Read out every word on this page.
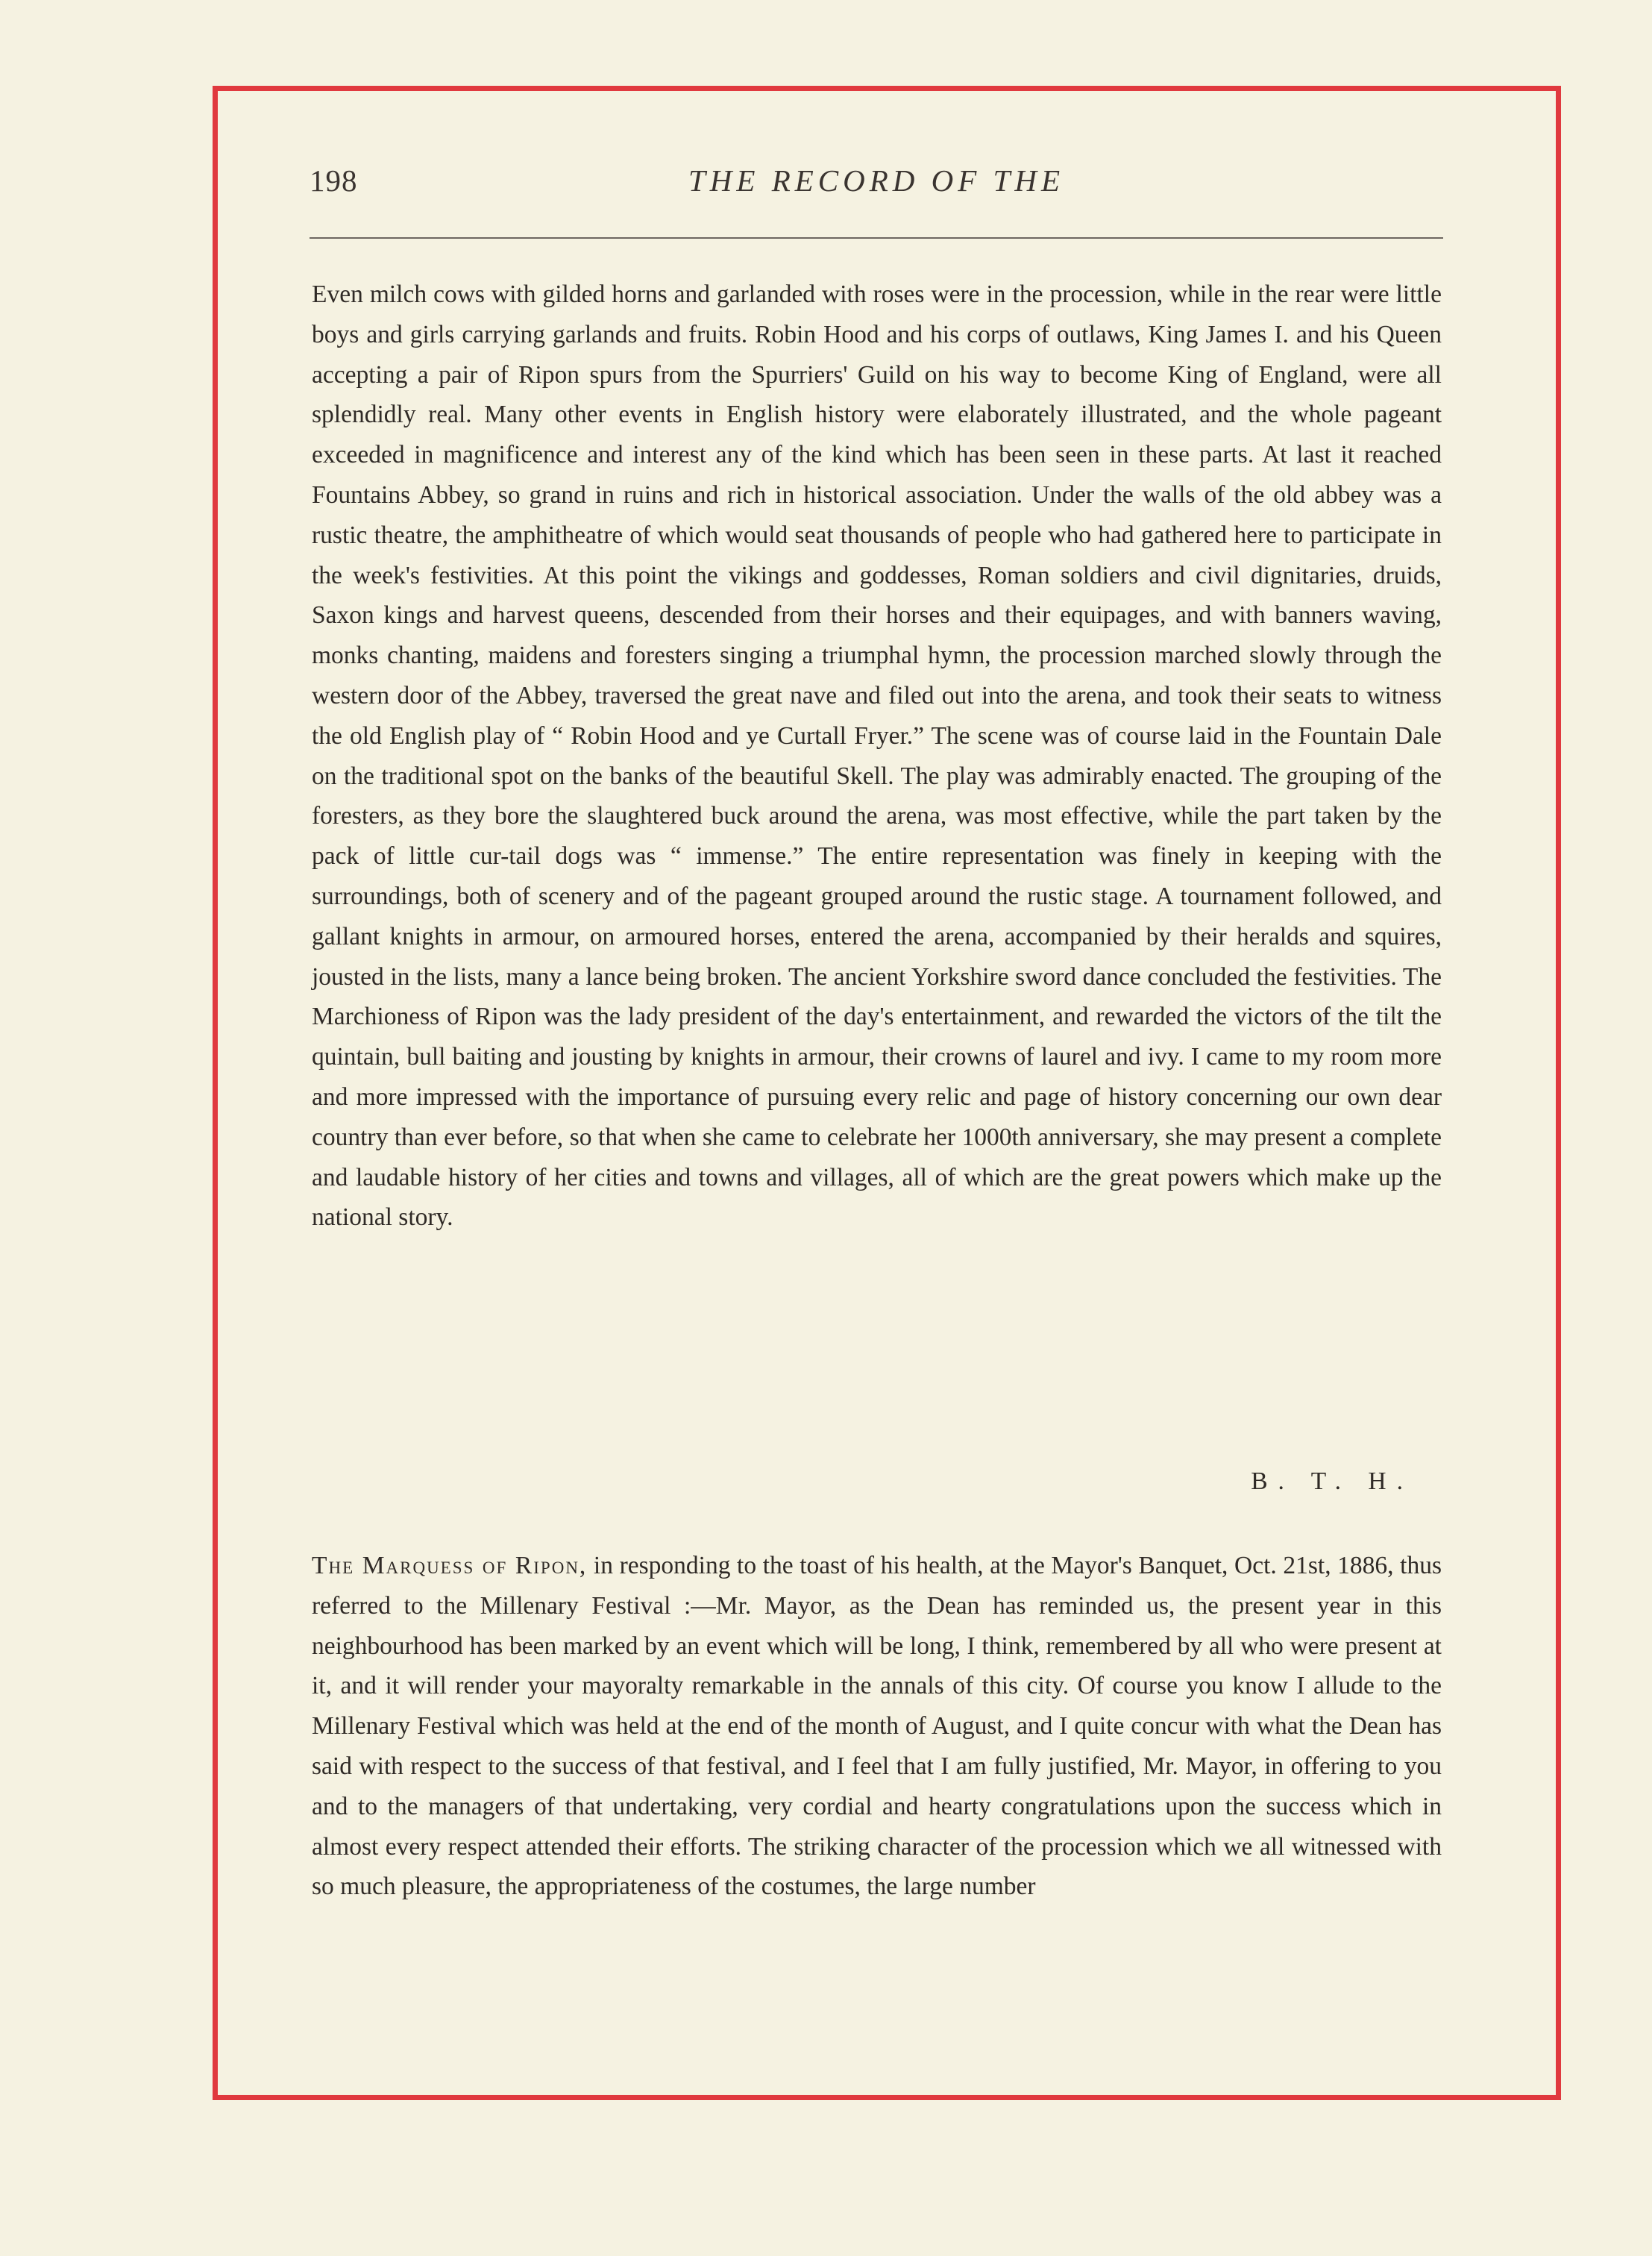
198	THE RECORD OF THE
Even milch cows with gilded horns and garlanded with roses were in the procession, while in the rear were little boys and girls carrying garlands and fruits. Robin Hood and his corps of outlaws, King James I. and his Queen accepting a pair of Ripon spurs from the Spurriers' Guild on his way to become King of England, were all splendidly real. Many other events in English history were elaborately illustrated, and the whole pageant exceeded in magnificence and interest any of the kind which has been seen in these parts. At last it reached Fountains Abbey, so grand in ruins and rich in historical association. Under the walls of the old abbey was a rustic theatre, the amphitheatre of which would seat thousands of people who had gathered here to participate in the week's festivities. At this point the vikings and goddesses, Roman soldiers and civil dignitaries, druids, Saxon kings and harvest queens, descended from their horses and their equipages, and with banners waving, monks chanting, maidens and foresters singing a triumphal hymn, the procession marched slowly through the western door of the Abbey, traversed the great nave and filed out into the arena, and took their seats to witness the old English play of “ Robin Hood and ye Curtall Fryer.” The scene was of course laid in the Fountain Dale on the traditional spot on the banks of the beautiful Skell. The play was admirably enacted. The grouping of the foresters, as they bore the slaughtered buck around the arena, was most effective, while the part taken by the pack of little cur-tail dogs was “ immense.” The entire representation was finely in keeping with the surroundings, both of scenery and of the pageant grouped around the rustic stage. A tournament followed, and gallant knights in armour, on armoured horses, entered the arena, accompanied by their heralds and squires, jousted in the lists, many a lance being broken. The ancient Yorkshire sword dance concluded the festivities. The Marchioness of Ripon was the lady president of the day's entertainment, and rewarded the victors of the tilt the quintain, bull baiting and jousting by knights in armour, their crowns of laurel and ivy. I came to my room more and more impressed with the importance of pursuing every relic and page of history concerning our own dear country than ever before, so that when she came to celebrate her 1000th anniversary, she may present a complete and laudable history of her cities and towns and villages, all of which are the great powers which make up the national story.
B. T. H.
The Marquess of Ripon, in responding to the toast of his health, at the Mayor's Banquet, Oct. 21st, 1886, thus referred to the Millenary Festival :—Mr. Mayor, as the Dean has reminded us, the present year in this neighbourhood has been marked by an event which will be long, I think, remembered by all who were present at it, and it will render your mayoralty remarkable in the annals of this city. Of course you know I allude to the Millenary Festival which was held at the end of the month of August, and I quite concur with what the Dean has said with respect to the success of that festival, and I feel that I am fully justified, Mr. Mayor, in offering to you and to the managers of that undertaking, very cordial and hearty congratulations upon the success which in almost every respect attended their efforts. The striking character of the procession which we all witnessed with so much pleasure, the appropriateness of the costumes, the large number
